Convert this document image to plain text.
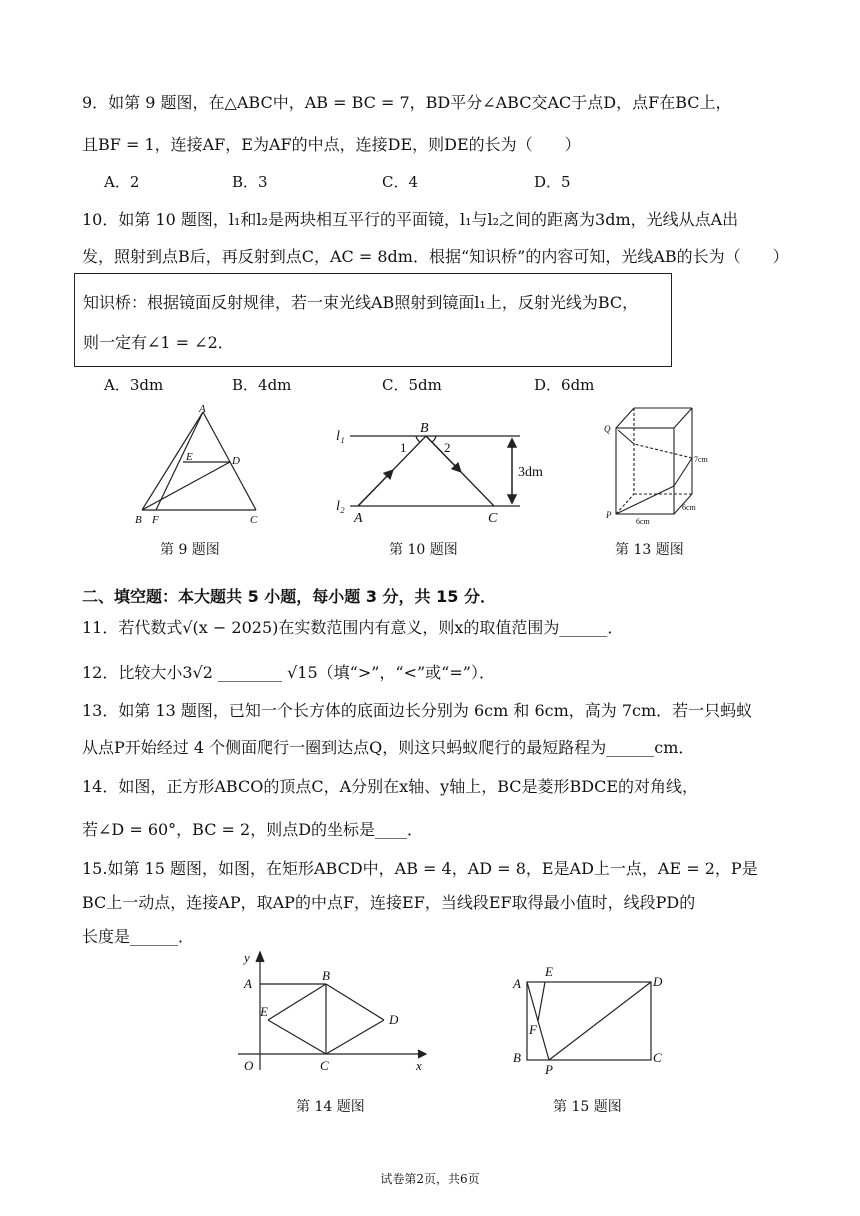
9．如第 9 题图，在△ABC中，AB = BC = 7，BD平分∠ABC交AC于点D，点F在BC上，
且BF = 1，连接AF，E为AF的中点，连接DE，则DE的长为（　　）
A．2	B．3	C．4	D．5
10．如第 10 题图，l₁和l₂是两块相互平行的平面镜，l₁与l₂之间的距离为3dm，光线从点A出
发，照射到点B后，再反射到点C，AC = 8dm．根据“知识桥”的内容可知，光线AB的长为（　　）
知识桥：根据镜面反射规律，若一束光线AB照射到镜面l₁上，反射光线为BC，
则一定有∠1 = ∠2．
A．3dm	B．4dm	C．5dm	D．6dm
A
B F	C
D
E
第 9 题图
l₁
l₂
B
A	C
1	2
3dm
第 10 题图
Q
P
7cm
6cm
6cm
第 13 题图
二、填空题：本大题共 5 小题，每小题 3 分，共 15 分．
11．若代数式√(x − 2025)在实数范围内有意义，则x的取值范围为______．
12．比较大小3√2 ________ √15（填“>”，“<”或“=”）．
13．如第 13 题图，已知一个长方体的底面边长分别为 6cm 和 6cm，高为 7cm．若一只蚂蚁
从点P开始经过 4 个侧面爬行一圈到达点Q，则这只蚂蚁爬行的最短路程为______cm．
14．如图，正方形ABCO的顶点C，A分别在x轴、y轴上，BC是菱形BDCE的对角线，
若∠D = 60°，BC = 2，则点D的坐标是____．
15.如第 15 题图，如图，在矩形ABCD中，AB = 4，AD = 8，E是AD上一点，AE = 2，P是
BC上一动点，连接AP，取AP的中点F，连接EF，当线段EF取得最小值时，线段PD的
长度是______．
y
x
O
A
B
C
D
E
第 14 题图
A
B	C
D
E
F
P
第 15 题图
试卷第2页，共6页
